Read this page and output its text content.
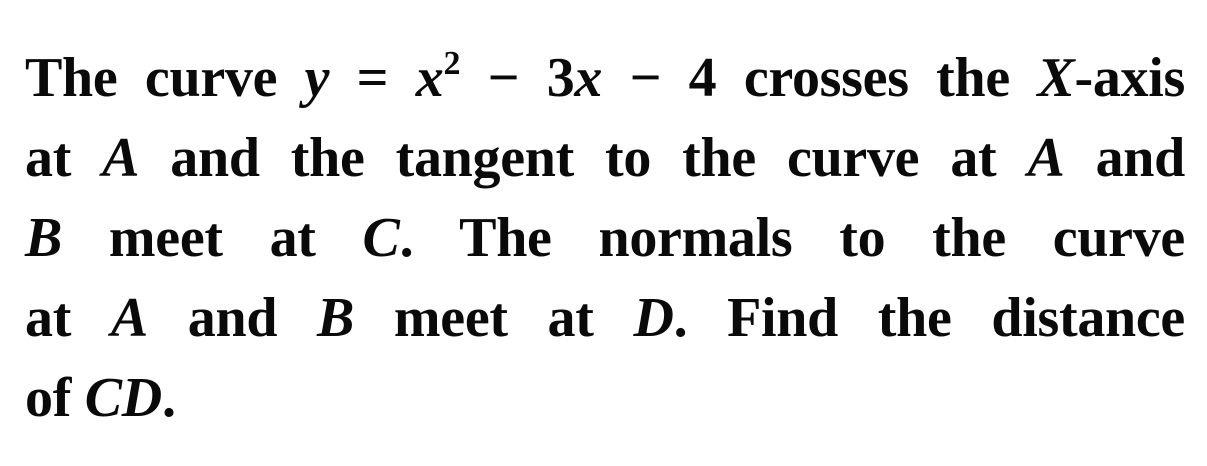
The curve $y = x^2 - 3x - 4$ crosses the X-axis
at A and the tangent to the curve at A and
B meet at C. The normals to the curve
at A and B meet at D. Find the distance
of CD.
